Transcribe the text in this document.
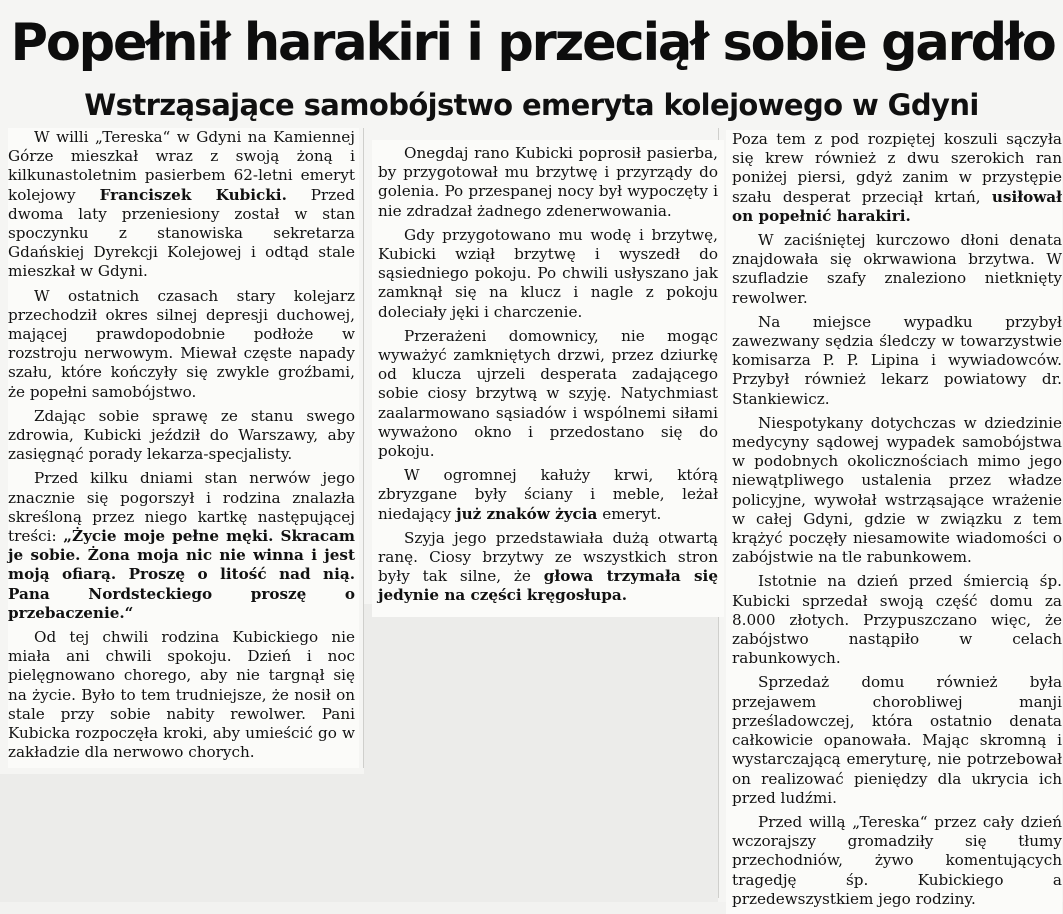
Popełnił harakiri i przeciął sobie gardło
Wstrząsające samobójstwo emeryta kolejowego w Gdyni

W willi „Tereska“ w Gdyni na Kamiennej Górze mieszkał wraz z swoją żoną i kilkunastoletnim pasierbem 62-letni emeryt kolejowy Franciszek Kubicki. Przed dwoma laty przeniesiony został w stan spoczynku z stanowiska sekretarza Gdańskiej Dyrekcji Kolejowej i odtąd stale mieszkał w Gdyni.

W ostatnich czasach stary kolejarz przechodził okres silnej depresji duchowej, mającej prawdopodobnie podłoże w rozstroju nerwowym. Miewał częste napady szału, które kończyły się zwykle groźbami, że popełni samobójstwo.

Zdając sobie sprawę ze stanu swego zdrowia, Kubicki jeździł do Warszawy, aby zasięgnąć porady lekarza-specjalisty.

Przed kilku dniami stan nerwów jego znacznie się pogorszył i rodzina znalazła skreśloną przez niego kartkę następującej treści: „Życie moje pełne męki. Skracam je sobie. Żona moja nic nie winna i jest moją ofiarą. Proszę o litość nad nią. Pana Nordsteckiego proszę o przebaczenie.“

Od tej chwili rodzina Kubickiego nie miała ani chwili spokoju. Dzień i noc pielęgnowano chorego, aby nie targnął się na życie. Było to tem trudniejsze, że nosił on stale przy sobie nabity rewolwer. Pani Kubicka rozpoczęła kroki, aby umieścić go w zakładzie dla nerwowo chorych.

Onegdaj rano Kubicki poprosił pasierba, by przygotował mu brzytwę i przyrządy do golenia. Po przespanej nocy był wypoczęty i nie zdradzał żadnego zdenerwowania.

Gdy przygotowano mu wodę i brzytwę, Kubicki wziął brzytwę i wyszedł do sąsiedniego pokoju. Po chwili usłyszano jak zamknął się na klucz i nagle z pokoju doleciały jęki i charczenie.

Przerażeni domownicy, nie mogąc wyważyć zamkniętych drzwi, przez dziurkę od klucza ujrzeli desperata zadającego sobie ciosy brzytwą w szyję. Natychmiast zaalarmowano sąsiadów i wspólnemi siłami wyważono okno i przedostano się do pokoju.

W ogromnej kałuży krwi, którą zbryzgane były ściany i meble, leżał niedający już znaków życia emeryt.

Szyja jego przedstawiała dużą otwartą ranę. Ciosy brzytwy ze wszystkich stron były tak silne, że głowa trzymała się jedynie na części kręgosłupa.

Poza tem z pod rozpiętej koszuli sączyła się krew również z dwu szerokich ran poniżej piersi, gdyż zanim w przystępie szału desperat przeciął krtań, usiłował on popełnić harakiri.

W zaciśniętej kurczowo dłoni denata znajdowała się okrwawiona brzytwa. W szufladzie szafy znaleziono nietknięty rewolwer.

Na miejsce wypadku przybył zawezwany sędzia śledczy w towarzystwie komisarza P. P. Lipina i wywiadowców. Przybył również lekarz powiatowy dr. Stankiewicz.

Niespotykany dotychczas w dziedzinie medycyny sądowej wypadek samobójstwa w podobnych okolicznościach mimo jego niewątpliwego ustalenia przez władze policyjne, wywołał wstrząsające wrażenie w całej Gdyni, gdzie w związku z tem krążyć poczęły niesamowite wiadomości o zabójstwie na tle rabunkowem.

Istotnie na dzień przed śmiercią śp. Kubicki sprzedał swoją część domu za 8.000 złotych. Przypuszczano więc, że zabójstwo nastąpiło w celach rabunkowych.

Sprzedaż domu również była przejawem chorobliwej manji prześladowczej, która ostatnio denata całkowicie opanowała. Mając skromną i wystarczającą emeryturę, nie potrzebował on realizować pieniędzy dla ukrycia ich przed ludźmi.

Przed willą „Tereska“ przez cały dzień wczorajszy gromadziły się tłumy przechodniów, żywo komentujących tragedję śp. Kubickiego a przedewszystkiem jego rodziny.
